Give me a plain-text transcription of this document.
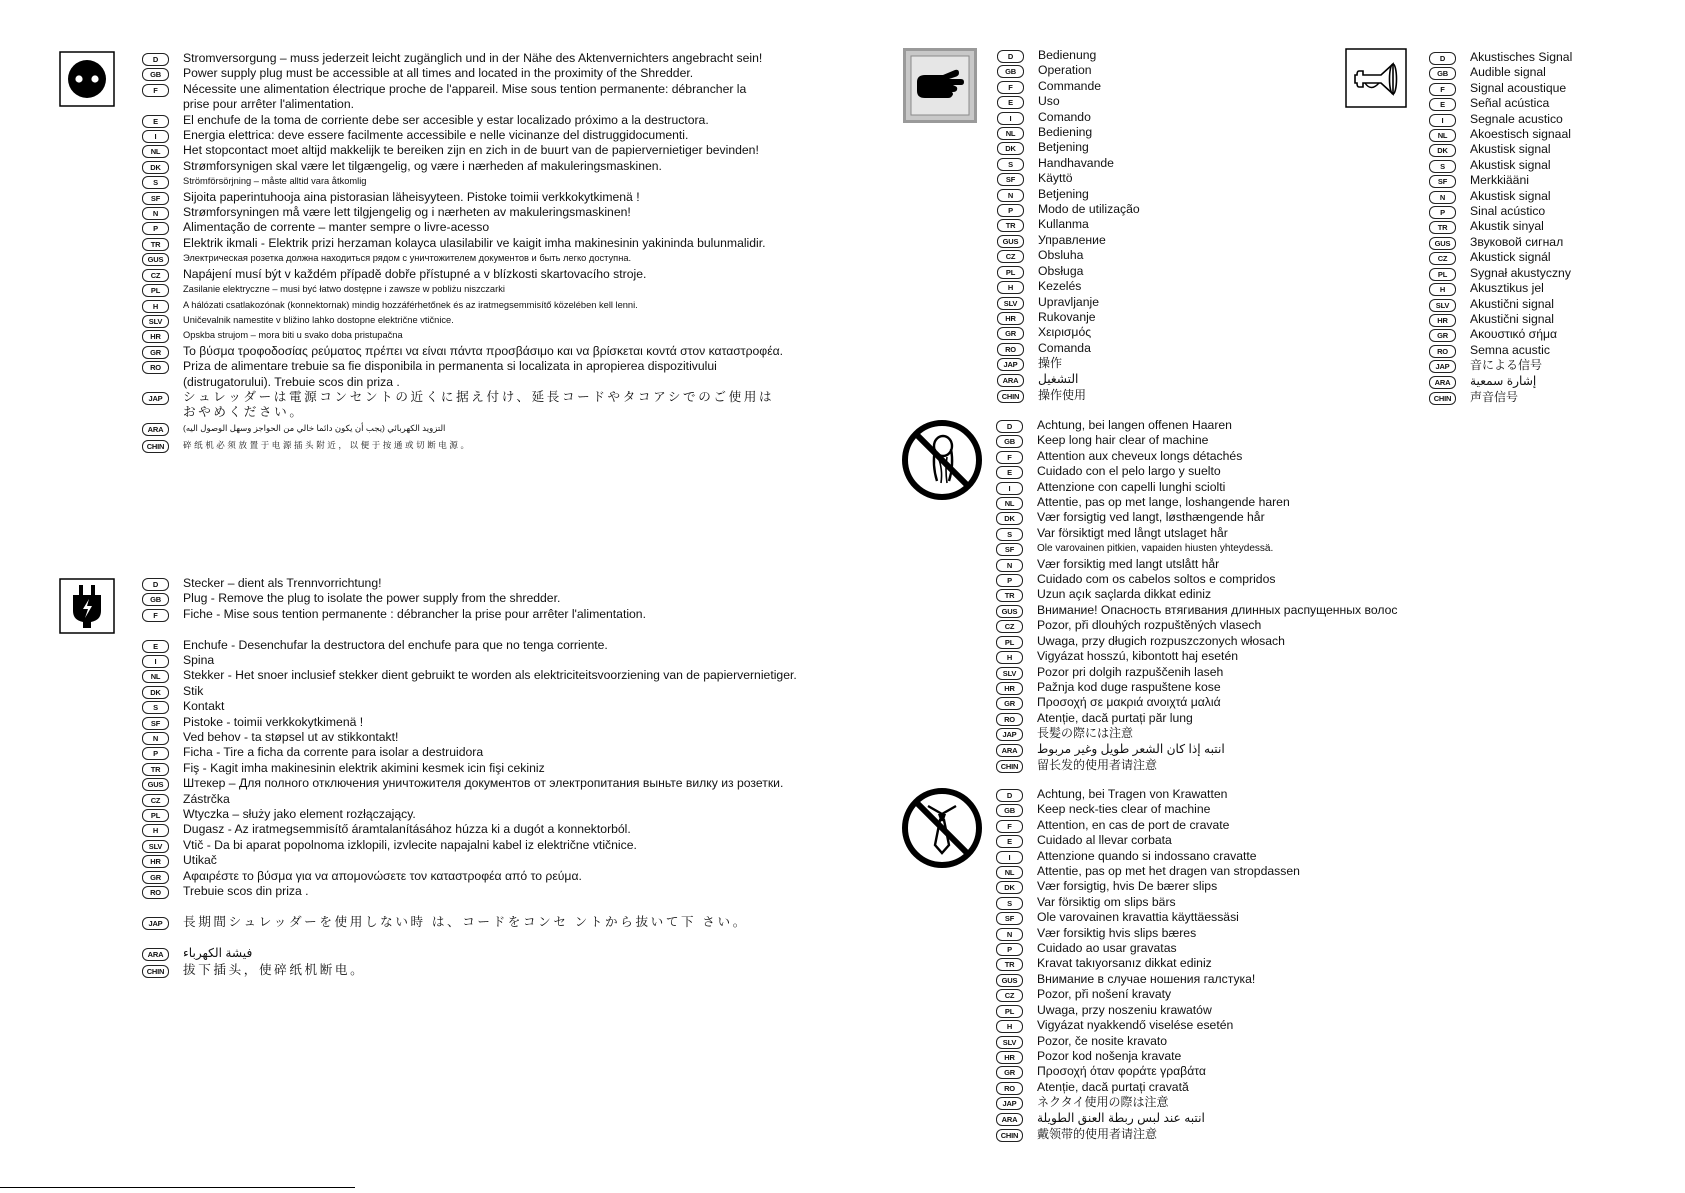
D	Stromversorgung – muss jederzeit leicht zugänglich und in der Nähe des Aktenvernichters angebracht sein!
GB	Power supply plug must be accessible at all times and located in the proximity of the Shredder.
F	Nécessite une alimentation électrique proche de l'appareil. Mise sous tention permanente: débrancher la
prise pour arrêter l'alimentation.
E	El enchufe de la toma de corriente debe ser accesible y estar localizado próximo a la destructora.
I	Energia elettrica: deve essere facilmente accessibile e nelle vicinanze del distruggidocumenti.
NL	Het stopcontact moet altijd makkelijk te bereiken zijn en zich in de buurt van de papiervernietiger bevinden!
DK	Strømforsynigen skal være let tilgængelig, og være i nærheden af makuleringsmaskinen.
S	Strömförsörjning – måste alltid vara åtkomlig
SF	Sijoita paperintuhooja aina pistorasian läheisyyteen. Pistoke toimii verkkokytkimenä !
N	Strømforsyningen må være lett tilgjengelig og i nærheten av makuleringsmaskinen!
P	Alimentação de corrente – manter sempre o livre-acesso
TR	Elektrik ikmali - Elektrik prizi herzaman kolayca ulasilabilir ve kaigit imha makinesinin yakininda bulunmalidir.
GUS	Электрическая розетка должна находиться рядом с уничтожителем документов и быть легко доступна.
CZ	Napájení musí být v každém případě dobře přístupné a v blízkosti skartovacího stroje.
PL	Zasilanie elektryczne – musi być łatwo dostępne i zawsze w pobliżu niszczarki
H	A hálózati csatlakozónak (konnektornak) mindig hozzáférhetőnek és az iratmegsemmisítő közelében kell lenni.
SLV	Uničevalnik namestite v bližino lahko dostopne električne vtičnice.
HR	Opskba strujom – mora biti u svako doba pristupačna
GR	Το βύσμα τροφοδοσίας ρεύματος πρέπει να είναι πάντα προσβάσιμο και να βρίσκεται κοντά στον καταστροφέα.
RO	Priza de alimentare trebuie sa fie disponibila in permanenta si localizata in apropierea dispozitivului
(distrugatorului). Trebuie scos din priza .
JAP	シュレッダーは電源コンセントの近くに据え付け、延長コードやタコアシでのご使用は
おやめください。
ARA	التزويد الكهربائي (يجب أن يكون دائما خالي من الحواجز وسهل الوصول اليه)
CHIN	碎纸机必须放置于电源插头附近，以便于按通或切断电源。
D	Stecker – dient als Trennvorrichtung!
GB	Plug - Remove the plug to isolate the power supply from the shredder.
F	Fiche - Mise sous tention permanente : débrancher la prise pour arrêter l'alimentation.
E	Enchufe - Desenchufar la destructora del enchufe para que no tenga corriente.
I	Spina
NL	Stekker - Het snoer inclusief stekker dient gebruikt te worden als elektriciteitsvoorziening van de papiervernietiger.
DK	Stik
S	Kontakt
SF	Pistoke - toimii verkkokytkimenä !
N	Ved behov - ta støpsel ut av stikkontakt!
P	Ficha - Tire a ficha da corrente para isolar a destruidora
TR	Fiş - Kagit imha makinesinin elektrik akimini kesmek icin fişi cekiniz
GUS	Штекер – Для полного отключения уничтожителя документов от электропитания выньте вилку из розетки.
CZ	Zástrčka
PL	Wtyczka – służy jako element rozłączający.
H	Dugasz - Az iratmegsemmisítő áramtalanításához húzza ki a dugót a konnektorból.
SLV	Vtič - Da bi aparat popolnoma izklopili, izvlecite napajalni kabel iz električne vtičnice.
HR	Utikač
GR	Αφαιρέστε το βύσμα για να απομονώσετε τον καταστροφέα από το ρεύμα.
RO	Trebuie scos din priza .
JAP	長期間シュレッダーを使用しない時 は、コードをコンセ ントから抜いて下 さい。
ARA	فيشة الكهرباء
CHIN	拔下插头，使碎纸机断电。
D	Bedienung
GB	Operation
F	Commande
E	Uso
I	Comando
NL	Bediening
DK	Betjening
S	Handhavande
SF	Käyttö
N	Betjening
P	Modo de utilização
TR	Kullanma
GUS	Управление
CZ	Obsluha
PL	Obsługa
H	Kezelés
SLV	Upravljanje
HR	Rukovanje
GR	Χειρισμός
RO	Comanda
JAP	操作
ARA	التشغيل
CHIN	操作使用
D	Akustisches Signal
GB	Audible signal
F	Signal acoustique
E	Señal acústica
I	Segnale acustico
NL	Akoestisch signaal
DK	Akustisk signal
S	Akustisk signal
SF	Merkkiääni
N	Akustisk signal
P	Sinal acústico
TR	Akustik sinyal
GUS	Звуковой сигнал
CZ	Akustick signál
PL	Sygnał akustyczny
H	Akusztikus jel
SLV	Akustični signal
HR	Akustični signal
GR	Ακουστικό σήμα
RO	Semna acustic
JAP	音による信号
ARA	إشارة سمعية
CHIN	声音信号
D	Achtung, bei langen offenen Haaren
GB	Keep long hair clear of machine
F	Attention aux cheveux longs détachés
E	Cuidado con el pelo largo y suelto
I	Attenzione con capelli lunghi sciolti
NL	Attentie, pas op met lange, loshangende haren
DK	Vær forsigtig ved langt, løsthængende hår
S	Var försiktigt med långt utslaget hår
SF	Ole varovainen pitkien, vapaiden hiusten yhteydessä.
N	Vær forsiktig med langt utslått hår
P	Cuidado com os cabelos soltos e compridos
TR	Uzun açık saçlarda dikkat ediniz
GUS	Внимание! Опасность втягивания длинных распущенных волос
CZ	Pozor, při dlouhých rozpuštěných vlasech
PL	Uwaga, przy długich rozpuszczonych włosach
H	Vigyázat hosszú, kibontott haj esetén
SLV	Pozor pri dolgih razpuščenih laseh
HR	Pažnja kod duge raspuštene kose
GR	Προσοχή σε μακριά ανοιχτά μαλιά
RO	Atenție, dacă purtați păr lung
JAP	長髪の際には注意
ARA	انتبه إذا كان الشعر طويل وغير مربوط
CHIN	留长发的使用者请注意
D	Achtung, bei Tragen von Krawatten
GB	Keep neck-ties clear of machine
F	Attention, en cas de port de cravate
E	Cuidado al llevar corbata
I	Attenzione quando si indossano cravatte
NL	Attentie, pas op met het dragen van stropdassen
DK	Vær forsigtig, hvis De bærer slips
S	Var försiktig om slips bärs
SF	Ole varovainen kravattia käyttäessäsi
N	Vær forsiktig hvis slips bæres
P	Cuidado ao usar gravatas
TR	Kravat takıyorsanız dikkat ediniz
GUS	Внимание в случае ношения галстука!
CZ	Pozor, při nošení kravaty
PL	Uwaga, przy noszeniu krawatów
H	Vigyázat nyakkendő viselése esetén
SLV	Pozor, če nosite kravato
HR	Pozor kod nošenja kravate
GR	Προσοχή όταν φοράτε γραβάτα
RO	Atenție, dacă purtați cravată
JAP	ネクタイ使用の際は注意
ARA	انتبه عند لبس ربطة العنق الطويلة
CHIN	戴领带的使用者请注意
